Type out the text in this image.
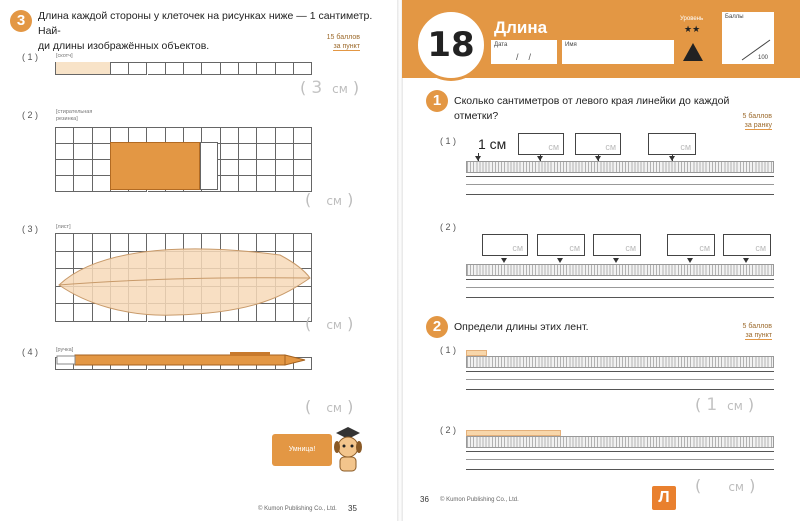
3	Длина каждой стороны у клеточек на рисунках ниже — 1 сантиметр. Най-
ди длины изображённых объектов.
15 баллов
за пункт
( 1 )	[скотч]
( 3 см )
( 2 )	[стирательная резинка]
( см )
( 3 )	[лист]
( см )
( 4 )	[ручка]
( см )
Умница!
© Kumon Publishing Co., Ltd. 35
18	Длина
Дата
/    /
Имя
Уровень
★★
Баллы
100
1	Сколько сантиметров от левого края линейки до каждой отметки?	5 баллов
за ранку
( 1 ) 1 см	см	см	см
( 2 )
см	см	см	см	см
2	Определи длины этих лент.	5 баллов
за пункт
( 1 )
( 1 см )
( 2 )
( см )
36 © Kumon Publishing Co., Ltd.	Л
